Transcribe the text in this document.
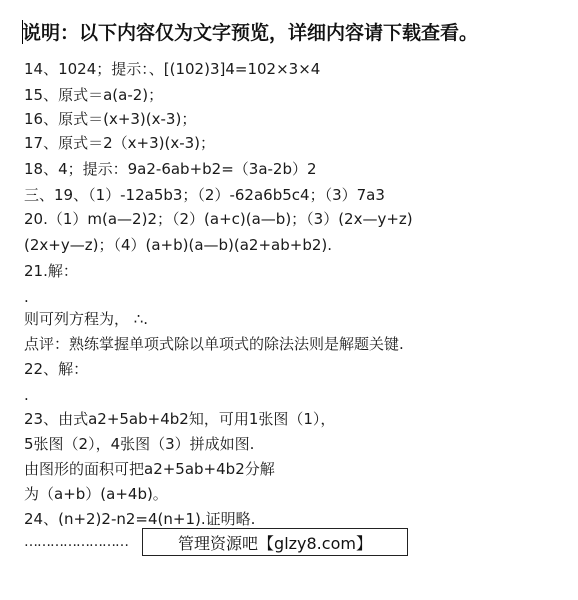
说明：以下内容仅为文字预览，详细内容请下载查看。
14、1024；提示：、[(102)3]4=102×3×4
15、原式＝a(a-2)；
16、原式＝(x+3)(x-3)；
17、原式＝2（x+3)(x-3)；
18、4；提示：9a2-6ab+b2=（3a-2b）2
三、19、（1）-12a5b3；（2）-62a6b5c4；（3）7a3
20.（1）m(a—2)2；（2）(a+c)(a—b)；（3）(2x—y+z)
(2x+y—z)；（4）(a+b)(a—b)(a2+ab+b2).
21.解：
.
则可列方程为， ∴.
点评：熟练掌握单项式除以单项式的除法法则是解题关键.
22、解：
.
23、由式a2+5ab+4b2知，可用1张图（1），
5张图（2），4张图（3）拼成如图.
由图形的面积可把a2+5ab+4b2分解
为（a+b）(a+4b)。
24、(n+2)2-n2=4(n+1).证明略.
……………………	管理资源吧【glzy8.com】
